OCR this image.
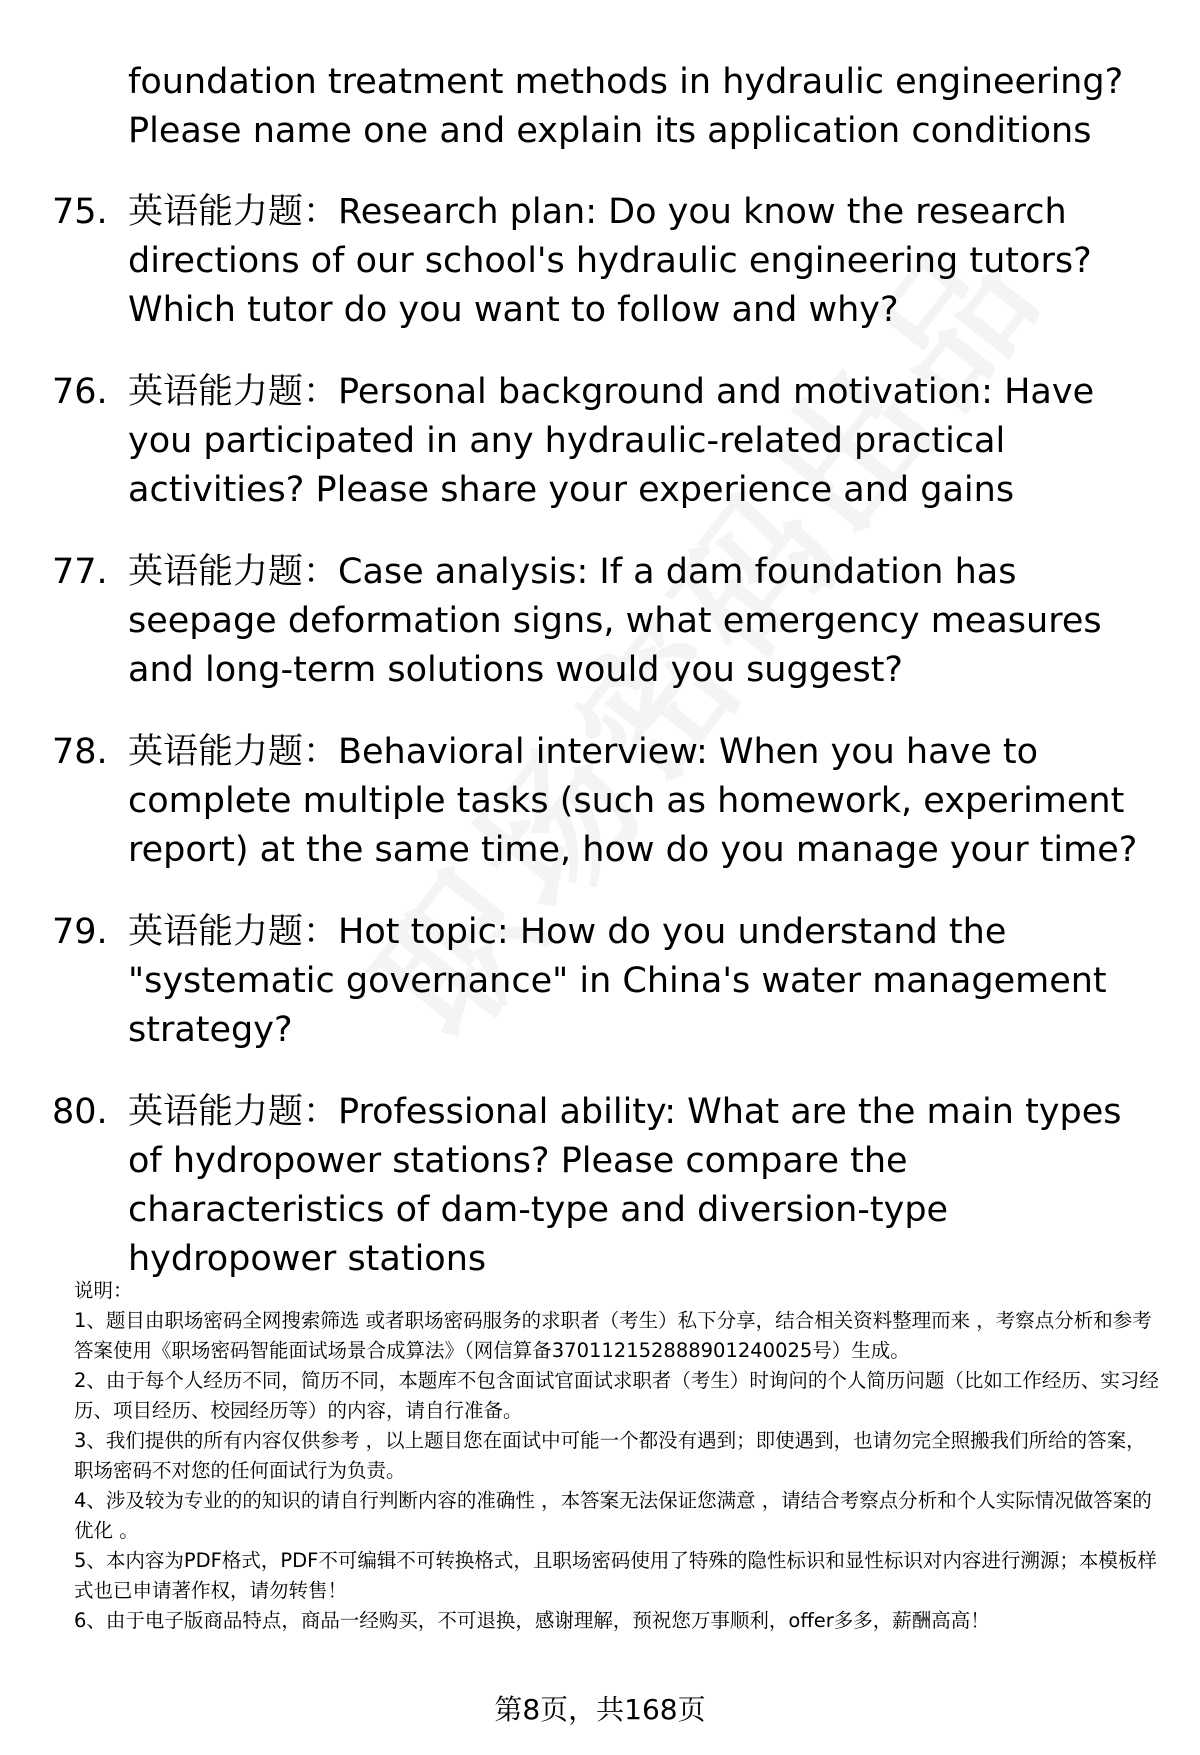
foundation treatment methods in hydraulic engineering? Please name one and explain its application conditions
75. 英语能力题：Research plan: Do you know the research directions of our school's hydraulic engineering tutors? Which tutor do you want to follow and why?
76. 英语能力题：Personal background and motivation: Have you participated in any hydraulic-related practical activities? Please share your experience and gains
77. 英语能力题：Case analysis: If a dam foundation has seepage deformation signs, what emergency measures and long-term solutions would you suggest?
78. 英语能力题：Behavioral interview: When you have to complete multiple tasks (such as homework, experiment report) at the same time, how do you manage your time?
79. 英语能力题：Hot topic: How do you understand the "systematic governance" in China's water management strategy?
80. 英语能力题：Professional ability: What are the main types of hydropower stations? Please compare the characteristics of dam-type and diversion-type hydropower stations

说明：

1、题目由职场密码全网搜索筛选 或者职场密码服务的求职者（考生）私下分享，结合相关资料整理而来 ，考察点分析和参考答案使用《职场密码智能面试场景合成算法》（网信算备370112152888901240025号）生成。

2、由于每个人经历不同，简历不同，本题库不包含面试官面试求职者（考生）时询问的个人简历问题（比如工作经历、实习经历、项目经历、校园经历等）的内容，请自行准备。

3、我们提供的所有内容仅供参考 ，以上题目您在面试中可能一个都没有遇到；即使遇到，也请勿完全照搬我们所给的答案，职场密码不对您的任何面试行为负责。

4、涉及较为专业的的知识的请自行判断内容的准确性 ，本答案无法保证您满意 ，请结合考察点分析和个人实际情况做答案的优化 。

5、本内容为PDF格式，PDF不可编辑不可转换格式，且职场密码使用了特殊的隐性标识和显性标识对内容进行溯源；本模板样式也已申请著作权，请勿转售！

6、由于电子版商品特点，商品一经购买，不可退换，感谢理解，预祝您万事顺利，offer多多，薪酬高高！

第8页，共168页
